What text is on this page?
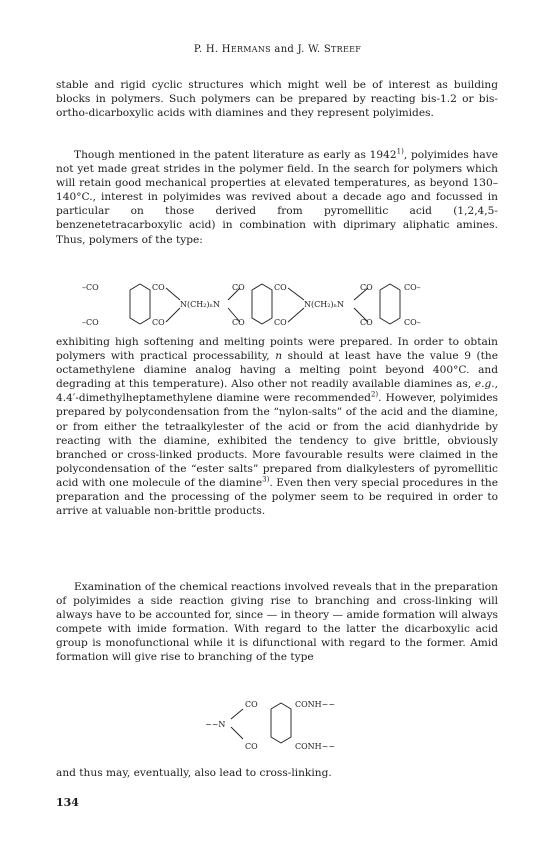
P. H. HERMANS and J. W. STREEF

stable and rigid cyclic structures which might well be of interest as building blocks in polymers. Such polymers can be prepared by reacting bis-1.2 or bis-ortho-dicarboxylic acids with diamines and they represent polyimides.

Though mentioned in the patent literature as early as 1942$^{1)}$, polyimides have not yet made great strides in the polymer field. In the search for polymers which will retain good mechanical properties at elevated temperatures, as beyond 130–140°C., interest in polyimides was revived about a decade ago and focussed in particular on those derived from pyromellitic acid (1,2,4,5-benzenetetracarboxylic acid) in combination with diprimary aliphatic amines. Thus, polymers of the type:

–CO
–CO
CO
CO
N(CH₂)ₙN
CO
CO
CO
CO
N(CH₂)ₙN
CO
CO
CO–
CO–

exhibiting high softening and melting points were prepared. In order to obtain polymers with practical processability, n should at least have the value 9 (the octamethylene diamine analog having a melting point beyond 400°C. and degrading at this temperature). Also other not readily available diamines as, e.g., 4.4′-dimethylheptamethylene diamine were recommended$^{2)}$. However, polyimides prepared by polycondensation from the “nylon-salts” of the acid and the diamine, or from either the tetraalkylester of the acid or from the acid dianhydride by reacting with the diamine, exhibited the tendency to give brittle, obviously branched or cross-linked products. More favourable results were claimed in the polycondensation of the “ester salts” prepared from dialkylesters of pyromellitic acid with one molecule of the diamine$^{3)}$. Even then very special procedures in the preparation and the processing of the polymer seem to be required in order to arrive at valuable non-brittle products.

Examination of the chemical reactions involved reveals that in the preparation of polyimides a side reaction giving rise to branching and cross-linking will always have to be accounted for, since — in theory — amide formation will always compete with imide formation. With regard to the latter the dicarboxylic acid group is monofunctional while it is difunctional with regard to the former. Amid formation will give rise to branching of the type

~~N
CO
CO
CONH~~
CONH~~

and thus may, eventually, also lead to cross-linking.

134
